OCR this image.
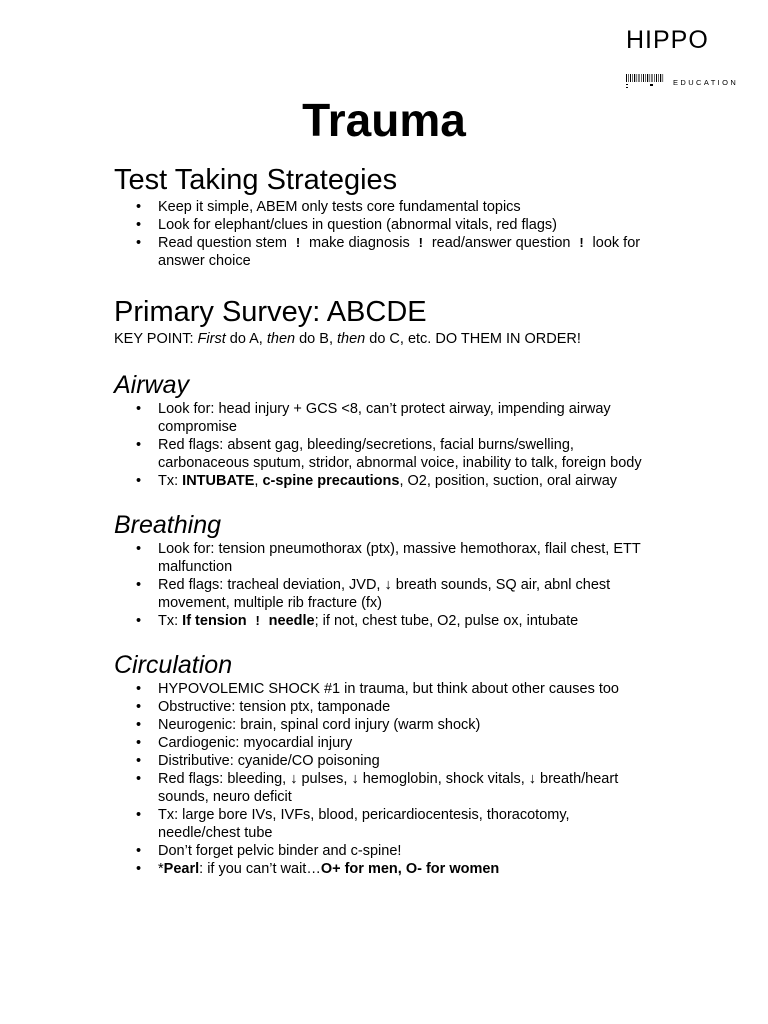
HIPPO
EDUCATION
Trauma
Test Taking Strategies
• Keep it simple, ABEM only tests core fundamental topics
• Look for elephant/clues in question (abnormal vitals, red flags)
• Read question stem ! make diagnosis ! read/answer question ! look for answer choice
Primary Survey: ABCDE

KEY POINT: First do A, then do B, then do C, etc. DO THEM IN ORDER!

Airway
• Look for: head injury + GCS <8, can’t protect airway, impending airway compromise
• Red flags: absent gag, bleeding/secretions, facial burns/swelling, carbonaceous sputum, stridor, abnormal voice, inability to talk, foreign body
• Tx: INTUBATE, c-spine precautions, O2, position, suction, oral airway
Breathing
• Look for: tension pneumothorax (ptx), massive hemothorax, flail chest, ETT malfunction
• Red flags: tracheal deviation, JVD, ↓ breath sounds, SQ air, abnl chest movement, multiple rib fracture (fx)
• Tx: If tension ! needle; if not, chest tube, O2, pulse ox, intubate
Circulation
• HYPOVOLEMIC SHOCK #1 in trauma, but think about other causes too
• Obstructive: tension ptx, tamponade
• Neurogenic: brain, spinal cord injury (warm shock)
• Cardiogenic: myocardial injury
• Distributive: cyanide/CO poisoning
• Red flags: bleeding, ↓ pulses, ↓ hemoglobin, shock vitals, ↓ breath/heart sounds, neuro deficit
• Tx: large bore IVs, IVFs, blood, pericardiocentesis, thoracotomy, needle/chest tube
• Don’t forget pelvic binder and c-spine!
• *Pearl: if you can’t wait…O+ for men, O- for women
